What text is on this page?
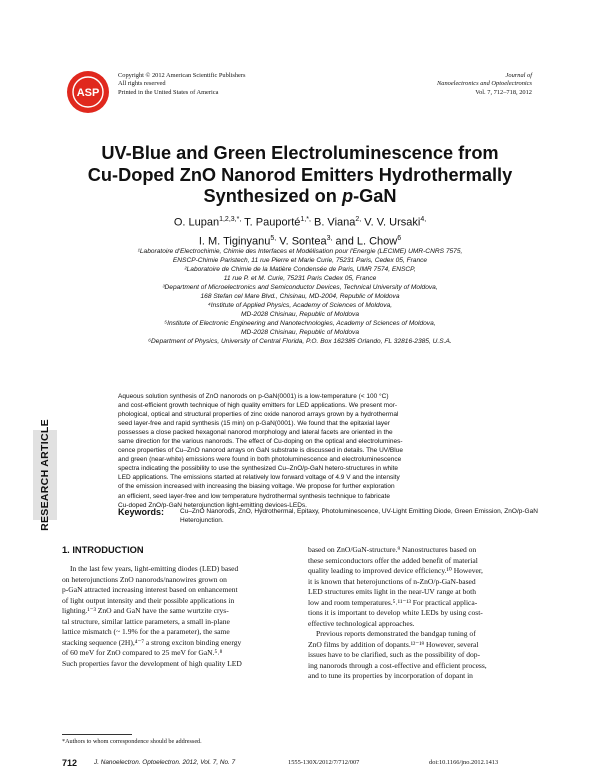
ASP
Copyright © 2012 American Scientific Publishers
All rights reserved
Printed in the United States of America
Journal of
Nanoelectronics and Optoelectronics
Vol. 7, 712–718, 2012
UV-Blue and Green Electroluminescence from
Cu-Doped ZnO Nanorod Emitters Hydrothermally
Synthesized on p-GaN
O. Lupan$^{1,2,3,*,}$ T. Pauporté$^{1,*,}$ B. Viana$^{2,}$ V. V. Ursaki$^{4,}$
I. M. Tiginyanu$^{5,}$ V. Sontea$^{3,}$ and L. Chow$^6$
¹Laboratoire d'Electrochimie, Chimie des Interfaces et Modélisation pour l'Energie (LECIME) UMR-CNRS 7575,
ENSCP-Chimie Paristech, 11 rue Pierre et Marie Curie, 75231 Paris, Cedex 05, France
²Laboratoire de Chimie de la Matière Condensée de Paris, UMR 7574, ENSCP,
11 rue P. et M. Curie, 75231 Paris Cedex 05, France
³Department of Microelectronics and Semiconductor Devices, Technical University of Moldova,
168 Stefan cel Mare Blvd., Chisinau, MD-2004, Republic of Moldova
⁴Institute of Applied Physics, Academy of Sciences of Moldova,
MD-2028 Chisinau, Republic of Moldova
⁵Institute of Electronic Engineering and Nanotechnologies, Academy of Sciences of Moldova,
MD-2028 Chisinau, Republic of Moldova
⁶Department of Physics, University of Central Florida, P.O. Box 162385 Orlando, FL 32816-2385, U.S.A.
RESEARCH ARTICLE
Aqueous solution synthesis of ZnO nanorods on p-GaN(0001) is a low-temperature (< 100 °C)
and cost-efficient growth technique of high quality emitters for LED applications. We present mor-
phological, optical and structural properties of zinc oxide nanorod arrays grown by a hydrothermal
seed layer-free and rapid synthesis (15 min) on p-GaN(0001). We found that the epitaxial layer
possesses a close packed hexagonal nanorod morphology and lateral facets are oriented in the
same direction for the various nanorods. The effect of Cu-doping on the optical and electrolumines-
cence properties of Cu–ZnO nanorod arrays on GaN substrate is discussed in details. The UV/Blue
and green (near-white) emissions were found in both photoluminescence and electroluminescence
spectra indicating the possibility to use the synthesized Cu–ZnO/p-GaN hetero-structures in white
LED applications. The emissions started at relatively low forward voltage of 4.9 V and the intensity
of the emission increased with increasing the biasing voltage. We propose for further exploration
an efficient, seed layer-free and low temperature hydrothermal synthesis technique to fabricate
Cu-doped ZnO/p-GaN heterojunction light-emitting devices-LEDs.
Keywords: Cu–ZnO Nanorods, ZnO, Hydrothermal, Epitaxy, Photoluminescence, UV-Light Emitting Diode, Green Emission, ZnO/p-GaN Heterojunction.
1. INTRODUCTION
In the last few years, light-emitting diodes (LED) based
on heterojunctions ZnO nanorods/nanowires grown on
p-GaN attracted increasing interest based on enhancement
of light output intensity and their possible applications in
lighting.¹⁻³ ZnO and GaN have the same wurtzite crys-
tal structure, similar lattice parameters, a small in-plane
lattice mismatch (~ 1.9% for the a parameter), the same
stacking sequence (2H),⁴⁻⁷ a strong exciton binding energy
of 60 meV for ZnO compared to 25 meV for GaN.⁵˒⁸
Such properties favor the development of high quality LED
based on ZnO/GaN-structure.⁹ Nanostructures based on
these semiconductors offer the added benefit of material
quality leading to improved device efficiency.¹⁰ However,
it is known that heterojunctions of n-ZnO/p-GaN-based
LED structures emits light in the near-UV range at both
low and room temperatures.⁵˒¹¹⁻¹³ For practical applica-
tions it is important to develop white LEDs by using cost-
effective technological approaches.
Previous reports demonstrated the bandgap tuning of
ZnO films by addition of dopants.¹²⁻¹⁹ However, several
issues have to be clarified, such as the possibility of dop-
ing nanorods through a cost-effective and efficient process,
and to tune its properties by incorporation of dopant in
*Authors to whom correspondence should be addressed.
712	J. Nanoelectron. Optoelectron. 2012, Vol. 7, No. 7	1555-130X/2012/7/712/007	doi:10.1166/jno.2012.1413
